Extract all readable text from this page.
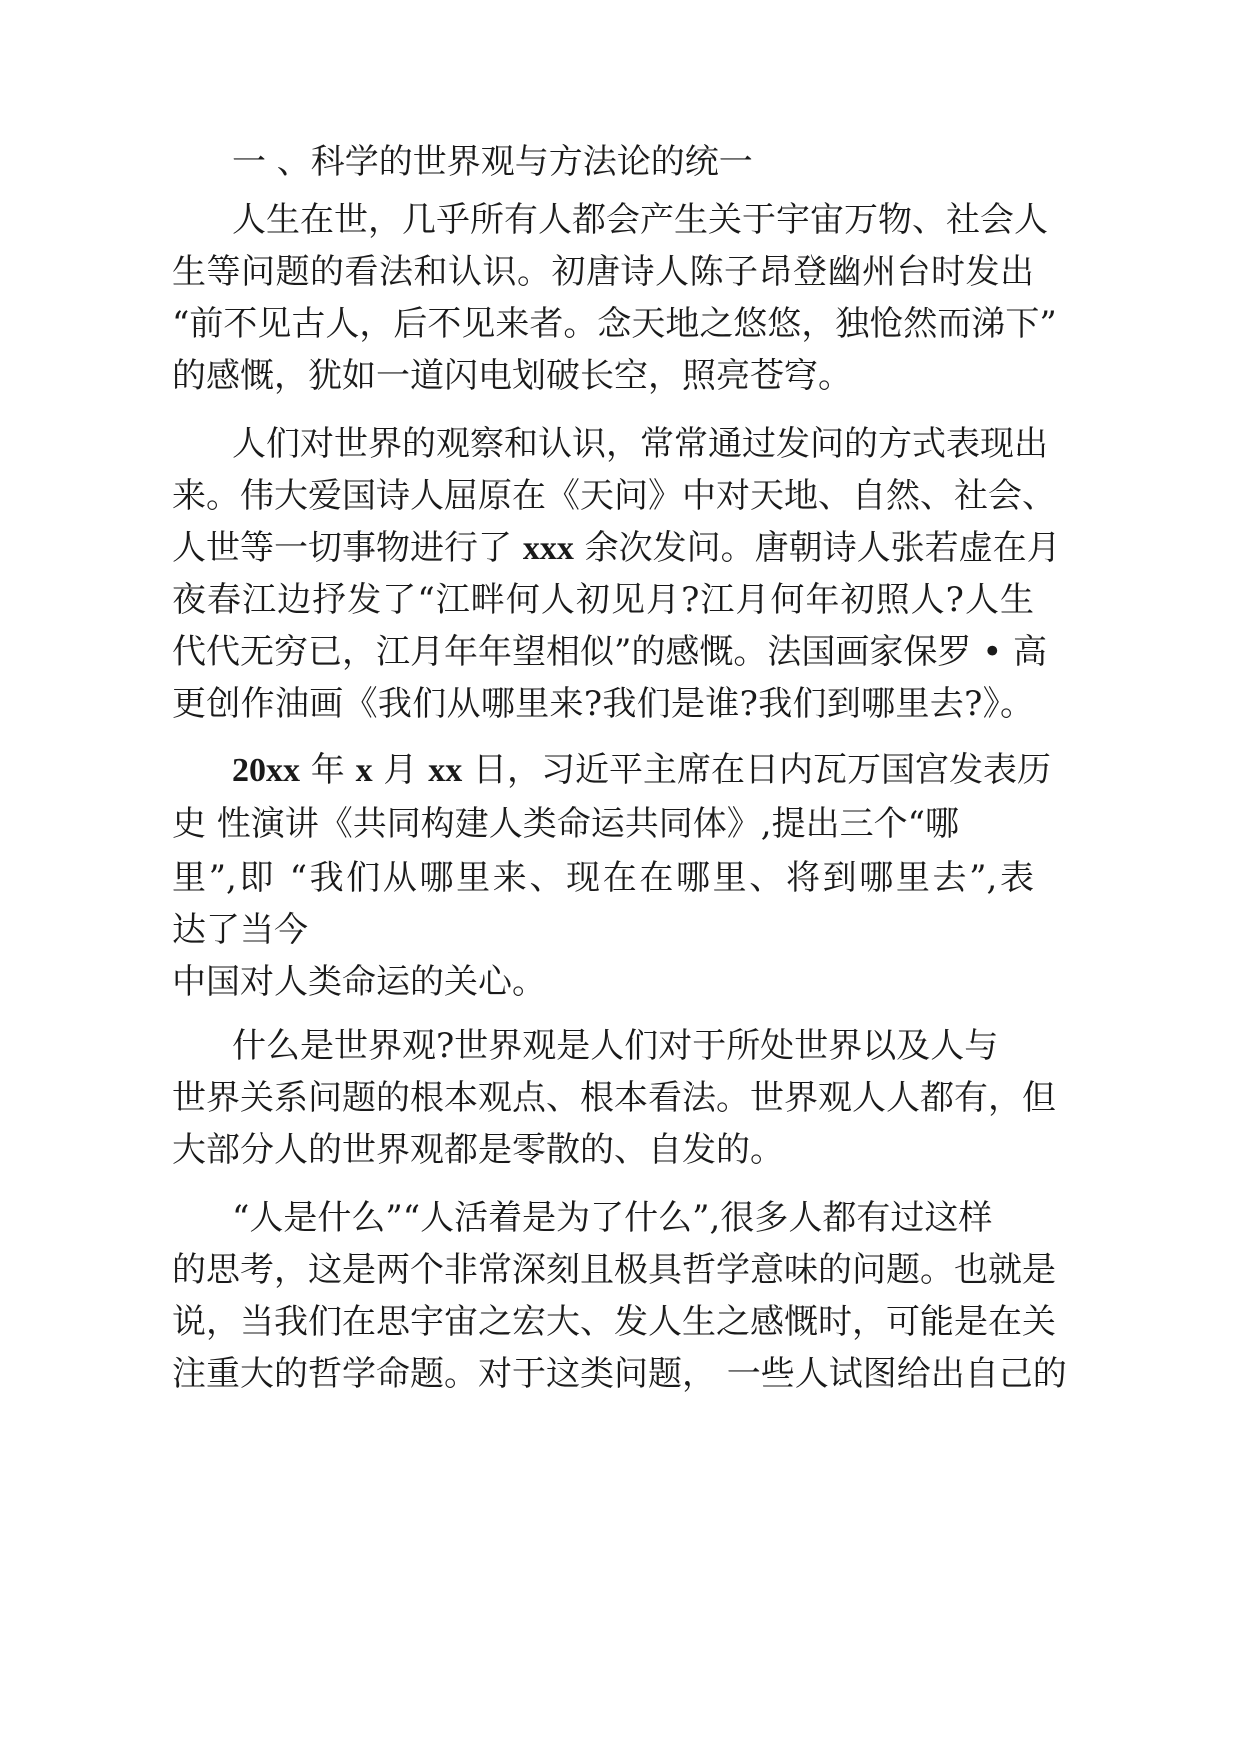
一 、科学的世界观与方法论的统一
人生在世，几乎所有人都会产生关于宇宙万物、社会人
生等问题的看法和认识。初唐诗人陈子昂登幽州台时发出
“前不见古人，后不见来者。念天地之悠悠，独怆然而涕下”
的感慨，犹如一道闪电划破长空，照亮苍穹。
人们对世界的观察和认识，常常通过发问的方式表现出
来。伟大爱国诗人屈原在《天问》中对天地、自然、社会、
人世等一切事物进行了 xxx 余次发问。唐朝诗人张若虚在月
夜春江边抒发了“江畔何人初见月?江月何年初照人?人生
代代无穷已，江月年年望相似”的感慨。法国画家保罗 • 高
更创作油画《我们从哪里来?我们是谁?我们到哪里去?》。
20xx 年 x 月 xx 日，习近平主席在日内瓦万国宫发表历
史 性演讲《共同构建人类命运共同体》,提出三个“哪
里”,即 “我们从哪里来、现在在哪里、将到哪里去”,表
达了当今
中国对人类命运的关心。
什么是世界观?世界观是人们对于所处世界以及人与
世界关系问题的根本观点、根本看法。世界观人人都有，但
大部分人的世界观都是零散的、自发的。
“人是什么”“人活着是为了什么”,很多人都有过这样
的思考，这是两个非常深刻且极具哲学意味的问题。也就是
说，当我们在思宇宙之宏大、发人生之感慨时，可能是在关
注重大的哲学命题。对于这类问题， 一些人试图给出自己的
